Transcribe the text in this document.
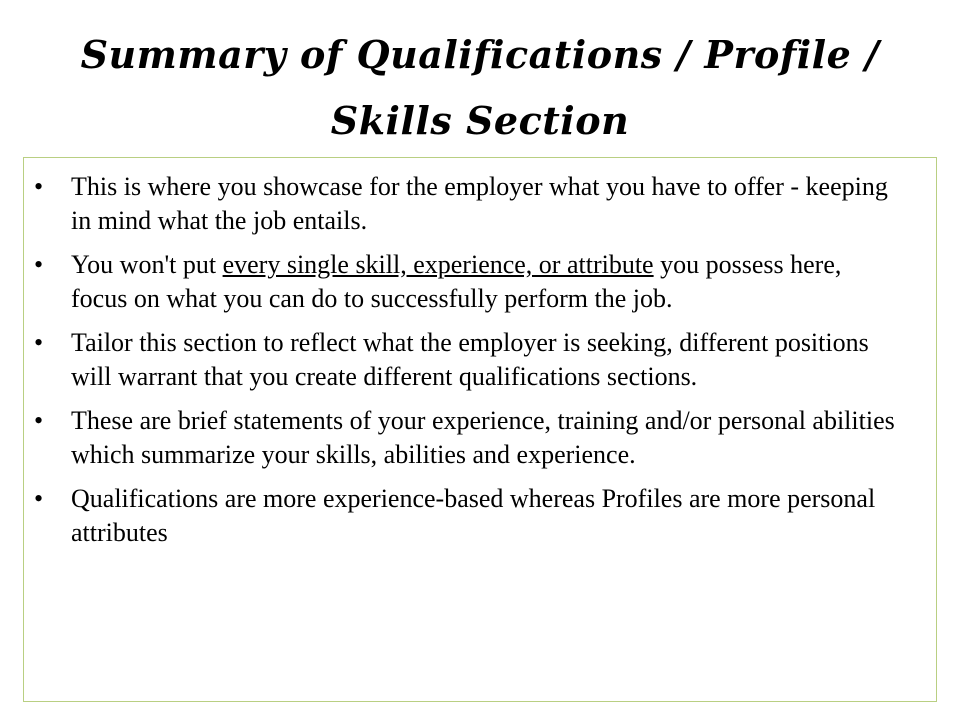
Summary of Qualifications / Profile / Skills Section
• This is where you showcase for the employer what you have to offer - keeping in mind what the job entails.
• You won't put every single skill, experience, or attribute you possess here, focus on what you can do to successfully perform the job.
• Tailor this section to reflect what the employer is seeking, different positions will warrant that you create different qualifications sections.
• These are brief statements of your experience, training and/or personal abilities which summarize your skills, abilities and experience.
• Qualifications are more experience-based whereas Profiles are more personal attributes
